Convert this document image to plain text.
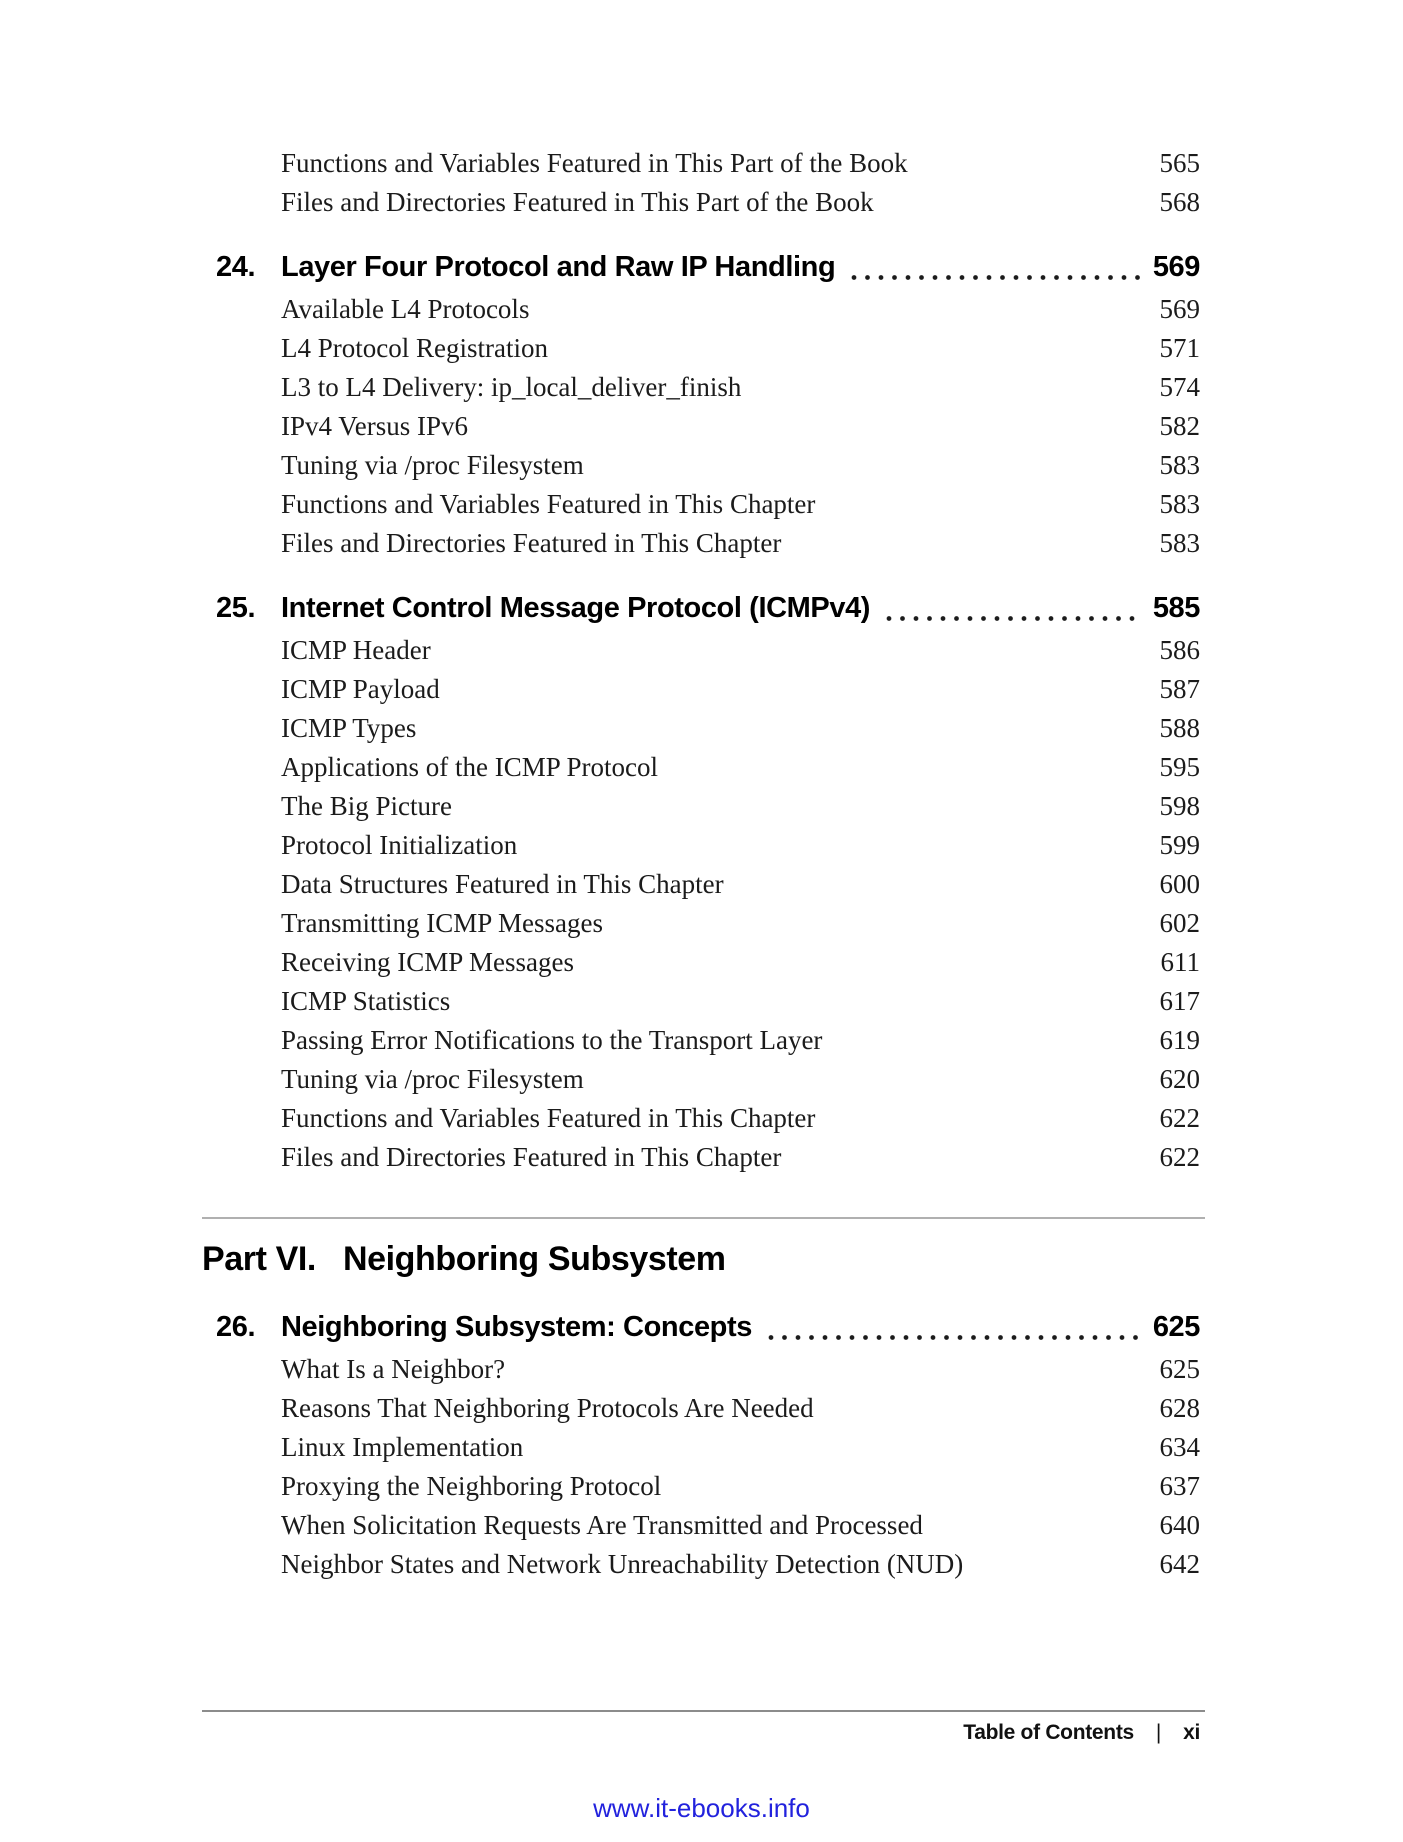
Functions and Variables Featured in This Part of the Book	565
Files and Directories Featured in This Part of the Book	568
24. Layer Four Protocol and Raw IP Handling	569
Available L4 Protocols	569
L4 Protocol Registration	571
L3 to L4 Delivery: ip_local_deliver_finish	574
IPv4 Versus IPv6	582
Tuning via /proc Filesystem	583
Functions and Variables Featured in This Chapter	583
Files and Directories Featured in This Chapter	583
25. Internet Control Message Protocol (ICMPv4)	585
ICMP Header	586
ICMP Payload	587
ICMP Types	588
Applications of the ICMP Protocol	595
The Big Picture	598
Protocol Initialization	599
Data Structures Featured in This Chapter	600
Transmitting ICMP Messages	602
Receiving ICMP Messages	611
ICMP Statistics	617
Passing Error Notifications to the Transport Layer	619
Tuning via /proc Filesystem	620
Functions and Variables Featured in This Chapter	622
Files and Directories Featured in This Chapter	622
Part VI. Neighboring Subsystem
26. Neighboring Subsystem: Concepts	625
What Is a Neighbor?	625
Reasons That Neighboring Protocols Are Needed	628
Linux Implementation	634
Proxying the Neighboring Protocol	637
When Solicitation Requests Are Transmitted and Processed	640
Neighbor States and Network Unreachability Detection (NUD)	642
Table of Contents | xi
www.it-ebooks.info
